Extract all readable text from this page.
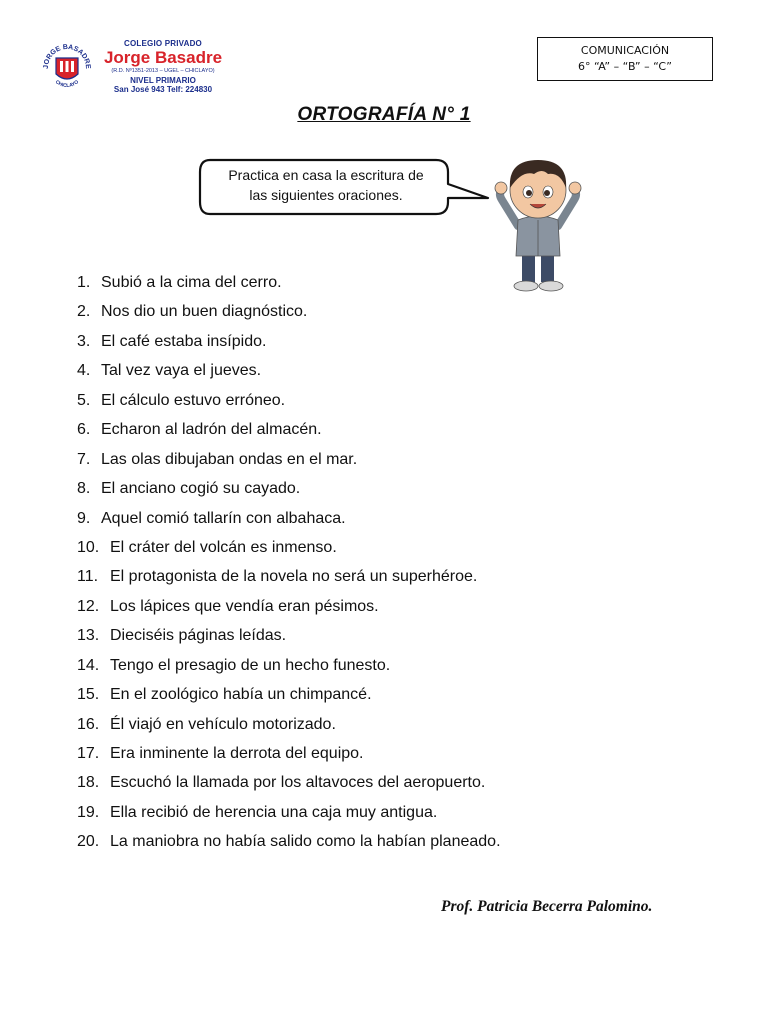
JORGE BASADRE
CHICLAYO
COLEGIO PRIVADO
Jorge Basadre
(R.D. Nº1351-2013 – UGEL – CHICLAYO)
NIVEL PRIMARIO
San José 943 Telf: 224830
COMUNICACIÓN
6° “A” – “B” – “C”
ORTOGRAFÍA N° 1
Practica en casa la escritura de
las siguientes oraciones.
1. Subió a la cima del cerro.
2. Nos dio un buen diagnóstico.
3. El café estaba insípido.
4. Tal vez vaya el jueves.
5. El cálculo estuvo erróneo.
6. Echaron al ladrón del almacén.
7. Las olas dibujaban ondas en el mar.
8. El anciano cogió su cayado.
9. Aquel comió tallarín con albahaca.
10. El cráter del volcán es inmenso.
11. El protagonista de la novela no será un superhéroe.
12. Los lápices que vendía eran pésimos.
13. Dieciséis páginas leídas.
14. Tengo el presagio de un hecho funesto.
15. En el zoológico había un chimpancé.
16. Él viajó en vehículo motorizado.
17. Era inminente la derrota del equipo.
18. Escuchó la llamada por los altavoces del aeropuerto.
19. Ella recibió de herencia una caja muy antigua.
20. La maniobra no había salido como la habían planeado.
Prof. Patricia Becerra Palomino.
